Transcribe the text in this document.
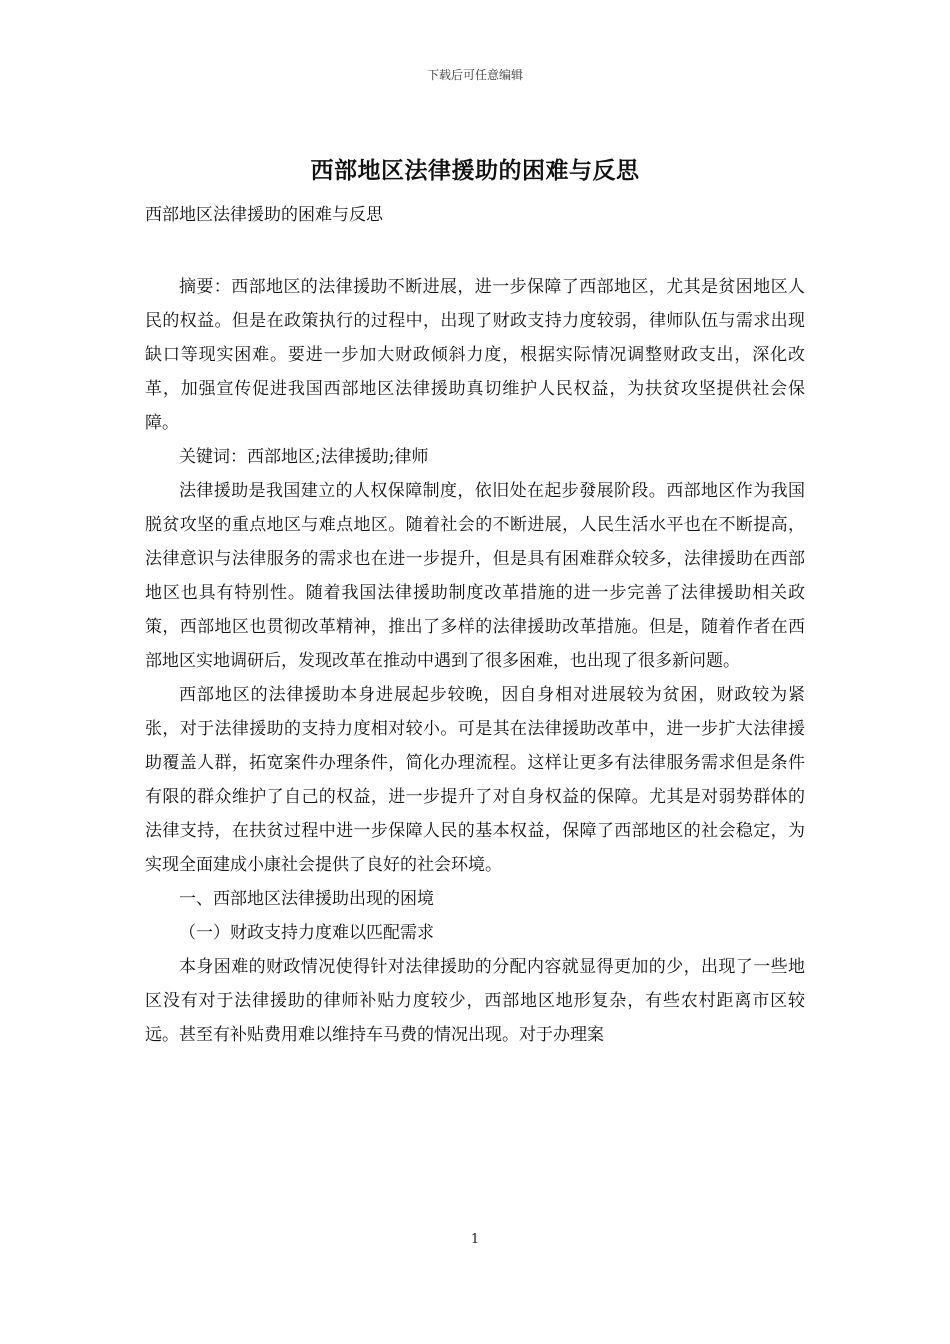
下载后可任意编辑
西部地区法律援助的困难与反思
西部地区法律援助的困难与反思

摘要：西部地区的法律援助不断进展，进一步保障了西部地区，尤其是贫困地区人民的权益。但是在政策执行的过程中，出现了财政支持力度较弱，律师队伍与需求出现缺口等现实困难。要进一步加大财政倾斜力度，根据实际情况调整财政支出，深化改革，加强宣传促进我国西部地区法律援助真切维护人民权益，为扶贫攻坚提供社会保障。

关键词：西部地区;法律援助;律师

法律援助是我国建立的人权保障制度，依旧处在起步發展阶段。西部地区作为我国脱贫攻坚的重点地区与难点地区。随着社会的不断进展，人民生活水平也在不断提高，法律意识与法律服务的需求也在进一步提升，但是具有困难群众较多，法律援助在西部地区也具有特别性。随着我国法律援助制度改革措施的进一步完善了法律援助相关政策，西部地区也贯彻改革精神，推出了多样的法律援助改革措施。但是，随着作者在西部地区实地调研后，发现改革在推动中遇到了很多困难，也出现了很多新问题。

西部地区的法律援助本身进展起步较晚，因自身相对进展较为贫困，财政较为紧张，对于法律援助的支持力度相对较小。可是其在法律援助改革中，进一步扩大法律援助覆盖人群，拓宽案件办理条件，简化办理流程。这样让更多有法律服务需求但是条件有限的群众维护了自己的权益，进一步提升了对自身权益的保障。尤其是对弱势群体的法律支持，在扶贫过程中进一步保障人民的基本权益，保障了西部地区的社会稳定，为实现全面建成小康社会提供了良好的社会环境。

一、西部地区法律援助出现的困境

（一）财政支持力度难以匹配需求

本身困难的财政情况使得针对法律援助的分配内容就显得更加的少，出现了一些地区没有对于法律援助的律师补贴力度较少，西部地区地形复杂，有些农村距离市区较远。甚至有补贴费用难以维持车马费的情况出现。对于办理案

1
